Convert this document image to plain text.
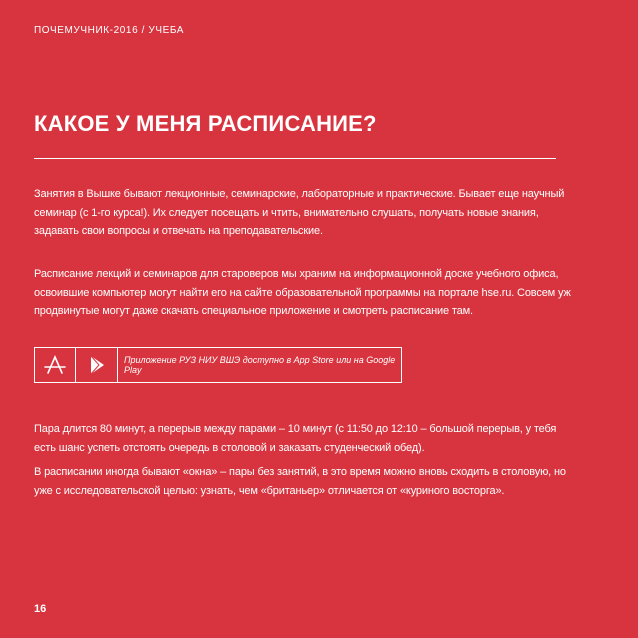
ПОЧЕМУЧНИК-2016 / УЧЕБА
КАКОЕ У МЕНЯ РАСПИСАНИЕ?

Занятия в Вышке бывают лекционные, семинарские, лабораторные и практические. Бывает еще научный семинар (с 1-го курса!). Их следует посещать и чтить, внимательно слушать, получать новые знания, задавать свои вопросы и отвечать на преподавательские.

Расписание лекций и семинаров для староверов мы храним на информационной доске учебного офиса, освоившие компьютер могут найти его на сайте образовательной программы на портале hse.ru. Совсем уж продвинутые могут даже скачать специальное приложение и смотреть расписание там.

Приложение РУЗ НИУ ВШЭ доступно в App Store или на Google Play

Пара длится 80 минут, а перерыв между парами – 10 минут (с 11:50 до 12:10 – большой перерыв, у тебя есть шанс успеть отстоять очередь в столовой и заказать студенческий обед).

В расписании иногда бывают «окна» – пары без занятий, в это время можно вновь сходить в столовую, но уже с исследовательской целью: узнать, чем «британьер» отличается от «куриного восторга».

16
